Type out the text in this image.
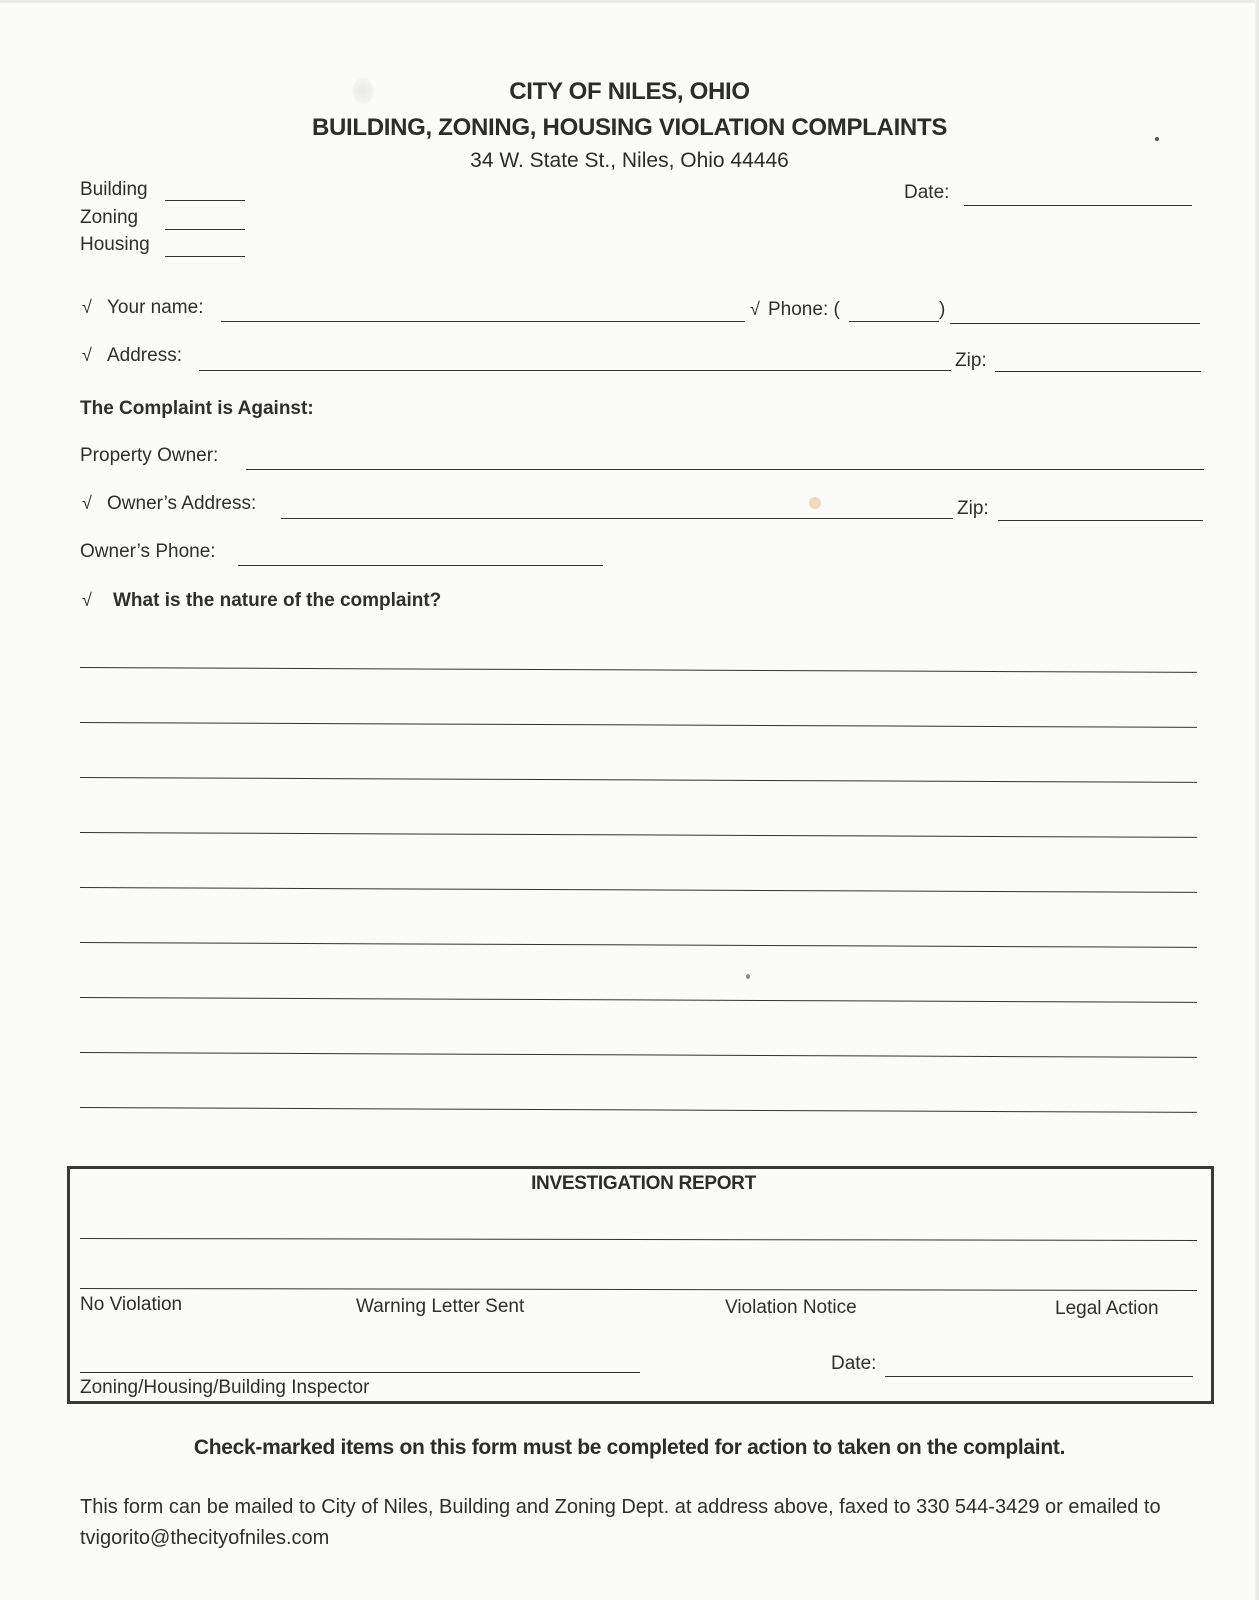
CITY OF NILES, OHIO
BUILDING, ZONING, HOUSING VIOLATION COMPLAINTS
34 W. State St., Niles, Ohio 44446
Building
Zoning
Housing
Date:
√ Your name:	√ Phone: (	)
√ Address:	Zip:
The Complaint is Against:
Property Owner:
√ Owner’s Address:	Zip:
Owner’s Phone:
√ What is the nature of the complaint?
INVESTIGATION REPORT
No Violation	Warning Letter Sent	Violation Notice	Legal Action
Zoning/Housing/Building Inspector
Date:
Check-marked items on this form must be completed for action to taken on the complaint.
This form can be mailed to City of Niles, Building and Zoning Dept. at address above, faxed to 330 544-3429 or emailed to tvigorito@thecityofniles.com
